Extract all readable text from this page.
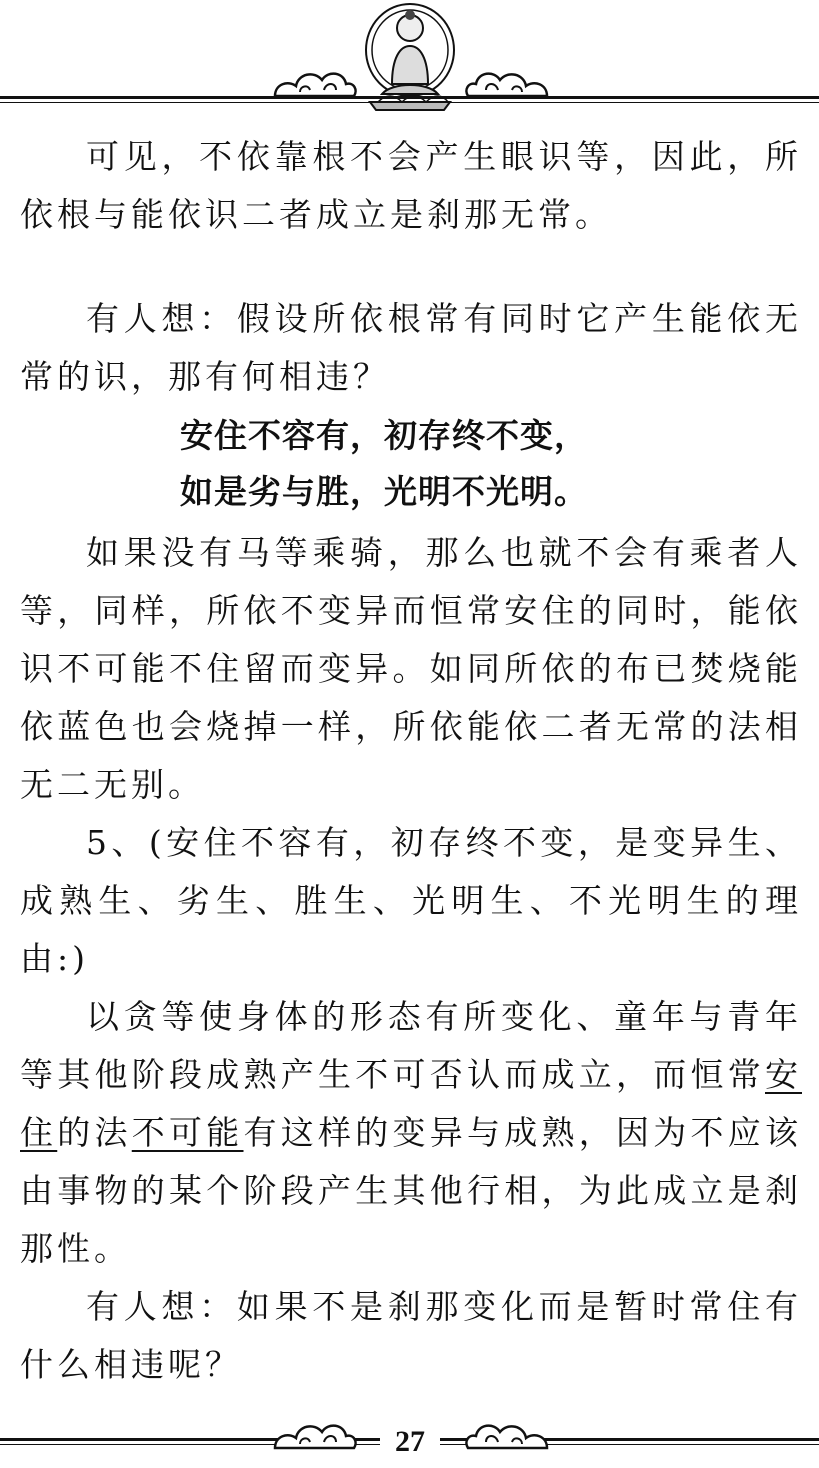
可见，不依靠根不会产生眼识等，因此，所依根与能依识二者成立是刹那无常。

有人想：假设所依根常有同时它产生能依无常的识，那有何相违？

安住不容有，初存终不变，
如是劣与胜，光明不光明。

如果没有马等乘骑，那么也就不会有乘者人等，同样，所依不变异而恒常安住的同时，能依识不可能不住留而变异。如同所依的布已焚烧能依蓝色也会烧掉一样，所依能依二者无常的法相无二无别。

5、(安住不容有，初存终不变，是变异生、成熟生、劣生、胜生、光明生、不光明生的理由:)

以贪等使身体的形态有所变化、童年与青年等其他阶段成熟产生不可否认而成立，而恒常安住的法不可能有这样的变异与成熟，因为不应该由事物的某个阶段产生其他行相，为此成立是刹那性。

有人想：如果不是刹那变化而是暂时常住有什么相违呢？

27
